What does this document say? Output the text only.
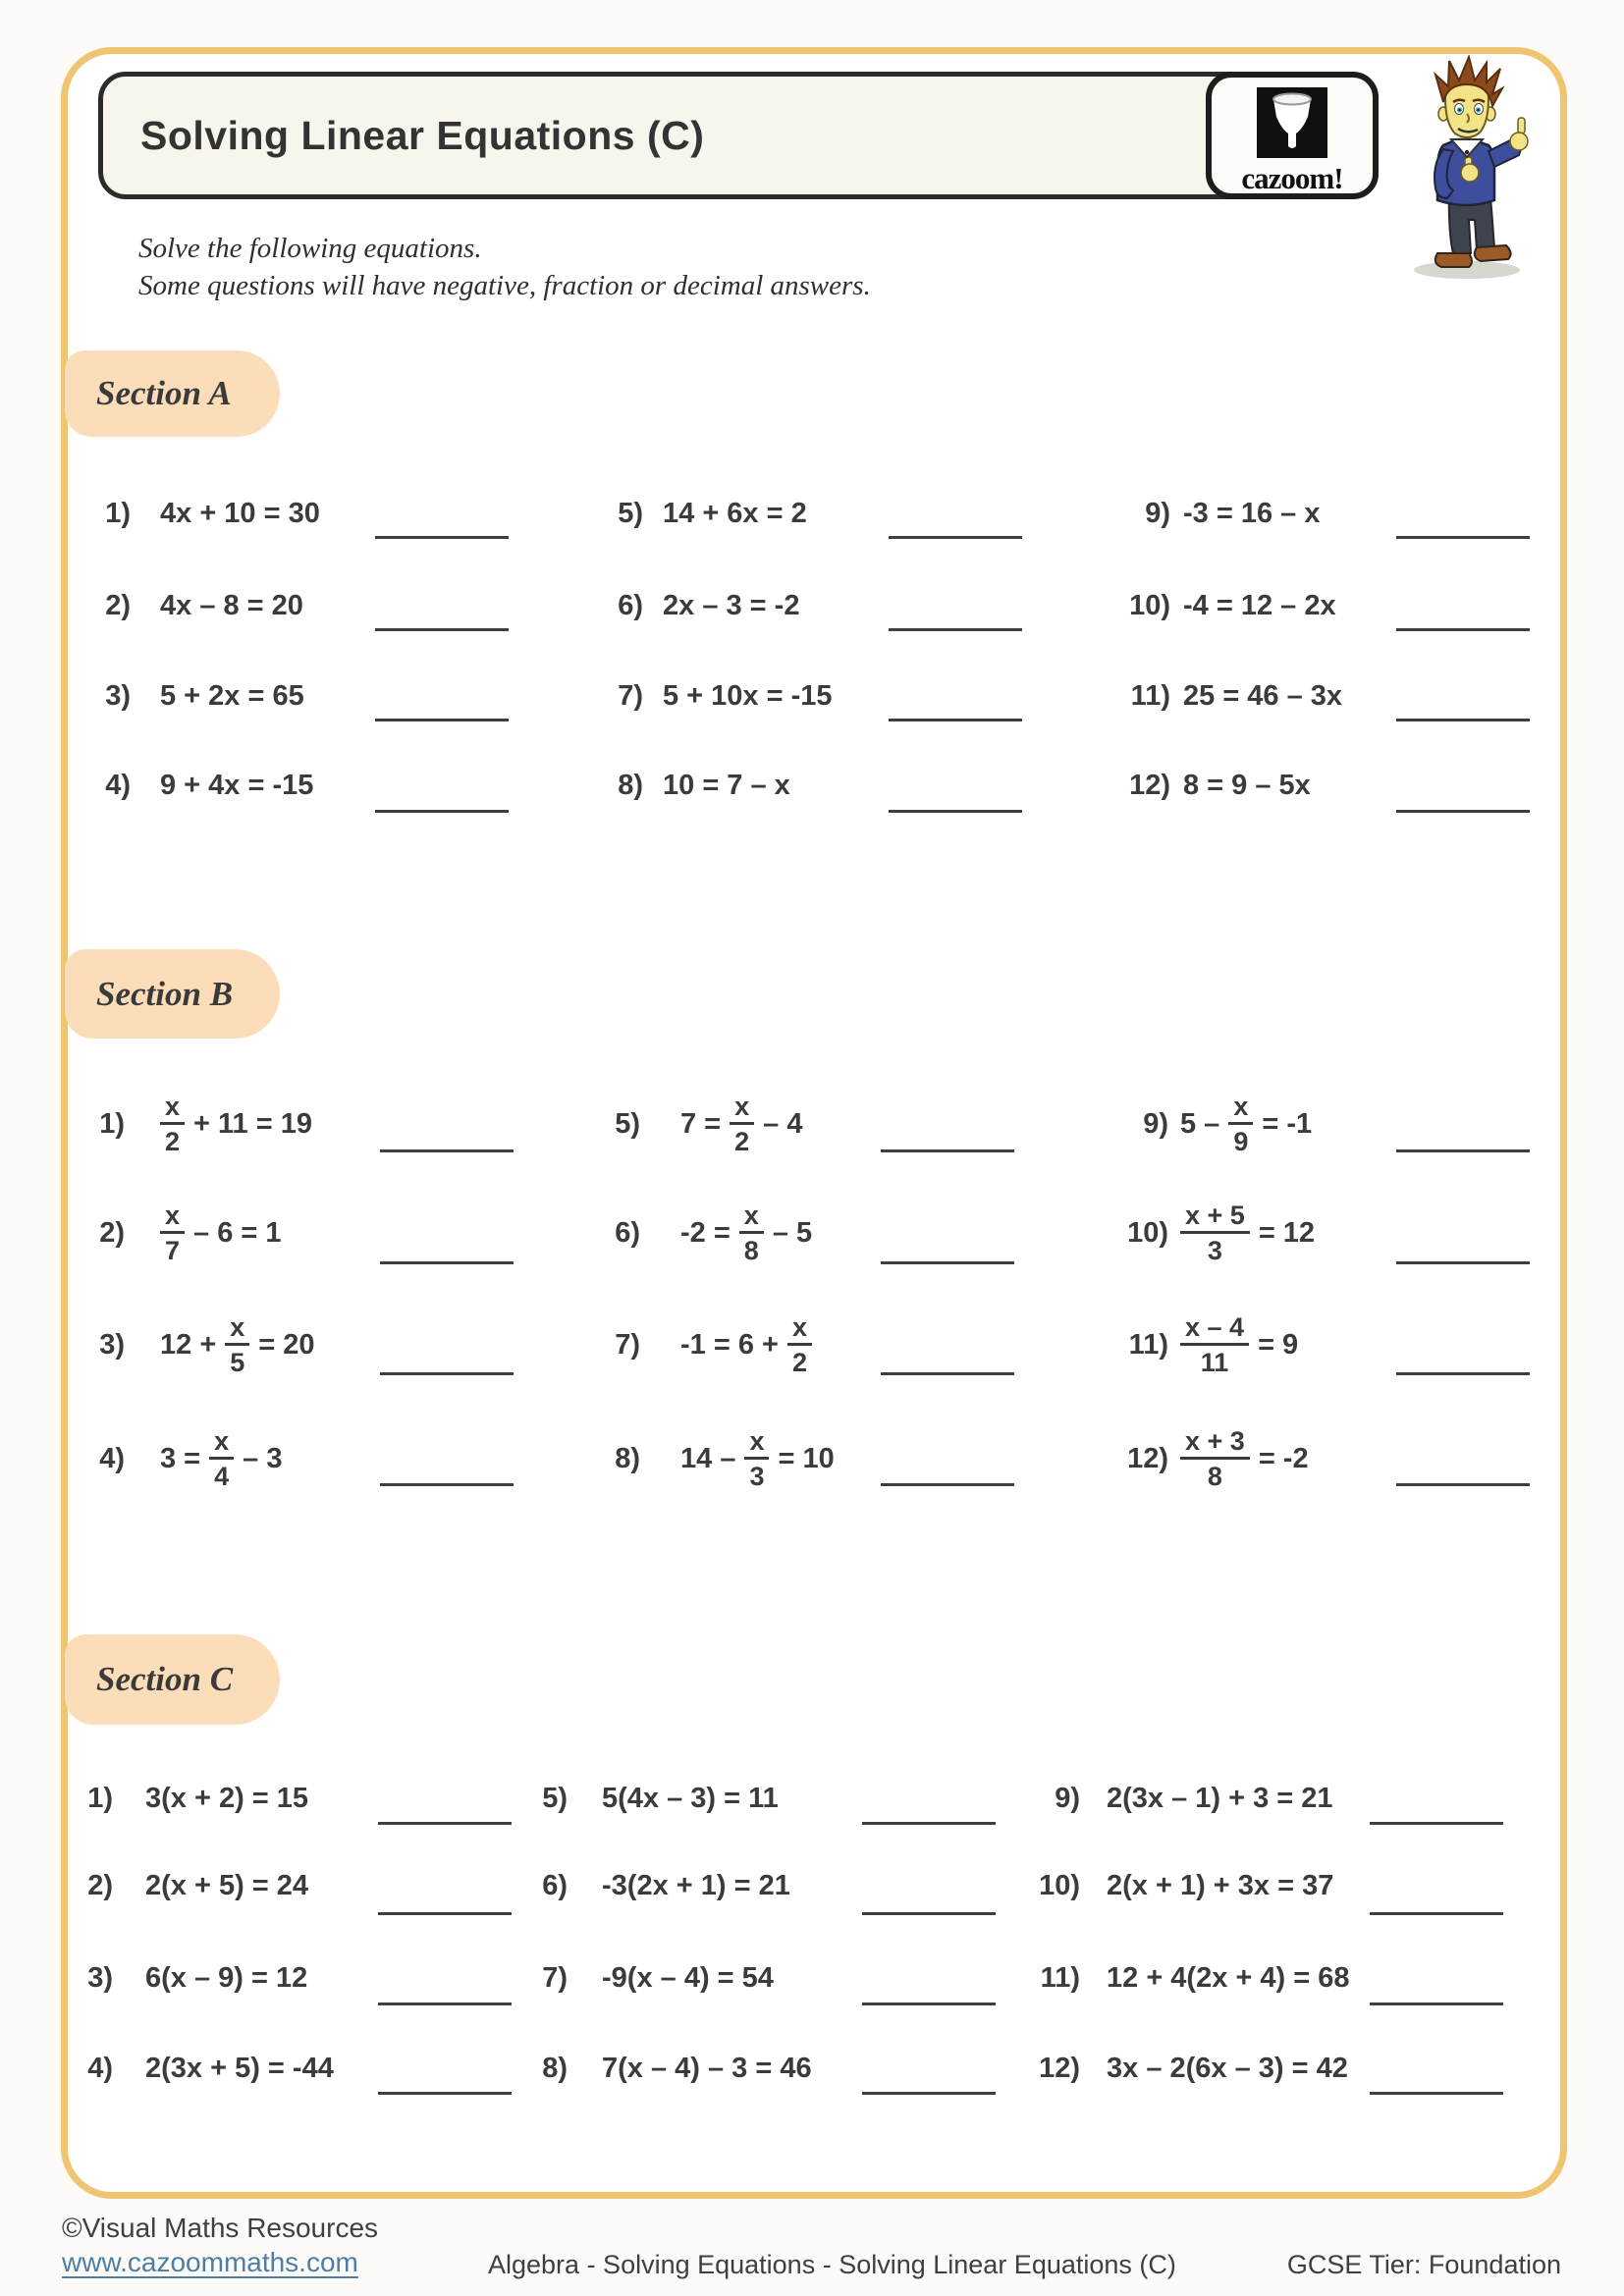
Solving Linear Equations (C)
cazoom!
Solve the following equations.
Some questions will have negative, fraction or decimal answers.
Section A
Section B
Section C
1) 4x + 10 = 30
2) 4x – 8 = 20
3) 5 + 2x = 65
4) 9 + 4x = -15
5) 14 + 6x = 2
6) 2x – 3 = -2
7) 5 + 10x = -15
8) 10 = 7 – x
9) -3 = 16 – x
10) -4 = 12 – 2x
11) 25 = 46 – 3x
12) 8 = 9 – 5x
$1) \frac{x}{2} + 11 = 19$
$2) \frac{x}{7} - 6 = 1$
3) $12 + \frac{x}{5} = 20$
4) $3 = \frac{x}{4} - 3$
5) $7 = \frac{x}{2} - 4$
6) $-2 = \frac{x}{8} - 5$
7) $-1 = 6 + \frac{x}{2}$
8) $14 - \frac{x}{3} = 10$
9) $5 - \frac{x}{9} = -1$
$10) \frac{x + 5}{3} = 12$
$11) \frac{x - 4}{11} = 9$
$12) \frac{x + 3}{8} = -2$
1) 3(x + 2) = 15
2) 2(x + 5) = 24
3) 6(x – 9) = 12
4) 2(3x + 5) = -44
5) 5(4x – 3) = 11
6) -3(2x + 1) = 21
7) -9(x – 4) = 54
8) 7(x – 4) – 3 = 46
9) 2(3x – 1) + 3 = 21
10) 2(x + 1) + 3x = 37
11) 12 + 4(2x + 4) = 68
12) 3x – 2(6x – 3) = 42
©Visual Maths Resources
www.cazoommaths.com	Algebra - Solving Equations - Solving Linear Equations (C)	GCSE Tier: Foundation
